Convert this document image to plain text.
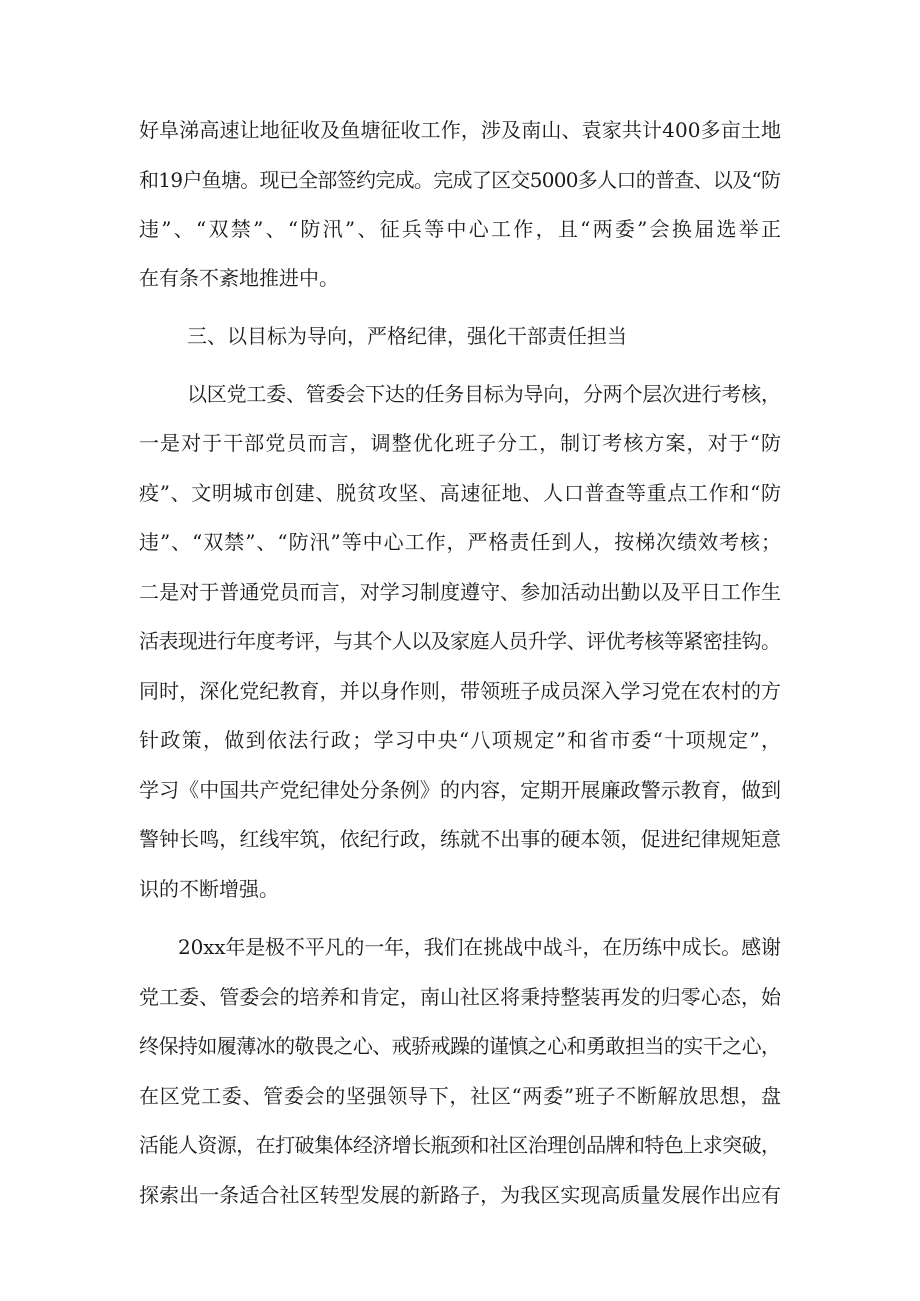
好阜涕高速让地征收及鱼塘征收工作，涉及南山、袁家共计400多亩土地
和19户鱼塘。现已全部签约完成。完成了区交5000多人口的普查、以及“防
违”、“双禁”、“防汛”、征兵等中心工作，且“两委”会换届选举正
在有条不紊地推进中。
三、以目标为导向，严格纪律，强化干部责任担当
以区党工委、管委会下达的任务目标为导向，分两个层次进行考核，
一是对于干部党员而言，调整优化班子分工，制订考核方案，对于“防
疫”、文明城市创建、脱贫攻坚、高速征地、人口普查等重点工作和“防
违”、“双禁”、“防汛”等中心工作，严格责任到人，按梯次绩效考核；
二是对于普通党员而言，对学习制度遵守、参加活动出勤以及平日工作生
活表现进行年度考评，与其个人以及家庭人员升学、评优考核等紧密挂钩。
同时，深化党纪教育，并以身作则，带领班子成员深入学习党在农村的方
针政策，做到依法行政；学习中央“八项规定”和省市委“十项规定”，
学习《中国共产党纪律处分条例》的内容，定期开展廉政警示教育，做到
警钟长鸣，红线牢筑，依纪行政，练就不出事的硬本领，促进纪律规矩意
识的不断增强。
20xx年是极不平凡的一年，我们在挑战中战斗，在历练中成长。感谢
党工委、管委会的培养和肯定，南山社区将秉持整装再发的归零心态，始
终保持如履薄冰的敬畏之心、戒骄戒躁的谨慎之心和勇敢担当的实干之心，
在区党工委、管委会的坚强领导下，社区“两委”班子不断解放思想，盘
活能人资源，在打破集体经济增长瓶颈和社区治理创品牌和特色上求突破，
探索出一条适合社区转型发展的新路子，为我区实现高质量发展作出应有
